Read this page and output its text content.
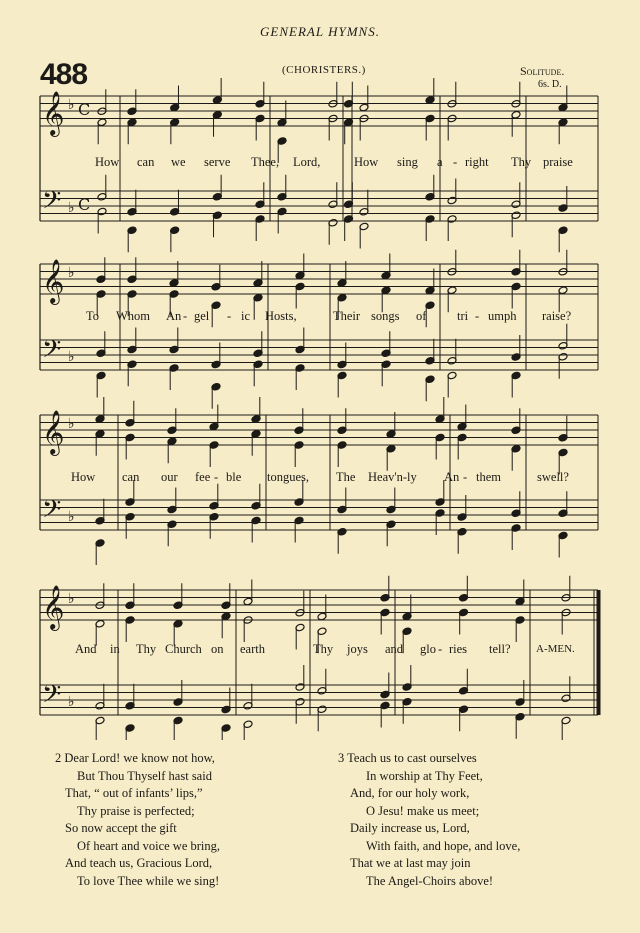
GENERAL HYMNS.
488	(CHORISTERS.)	Solitude.
6s. D.
𝄞
𝄢
♭
♭
C
C
𝄞
𝄢
♭
♭
𝄞
𝄢
♭
♭
𝄞
𝄢
♭
♭
How can we serve Thee, Lord,	How sing a - right Thy praise
To Whom An - gel - ic Hosts,	Their songs of tri - umph raise?
How can our fee - ble tongues, The Heav'n-ly An - them	swell?
And in Thy Church on earth	Thy joys and glo - ries tell? A-MEN.
2 Dear Lord! we know not how,
But Thou Thyself hast said
That, “ out of infants’ lips,”
Thy praise is perfected;
So now accept the gift
Of heart and voice we bring,
And teach us, Gracious Lord,
To love Thee while we sing!
3 Teach us to cast ourselves
In worship at Thy Feet,
And, for our holy work,
O Jesu! make us meet;
Daily increase us, Lord,
With faith, and hope, and love,
That we at last may join
The Angel-Choirs above!
